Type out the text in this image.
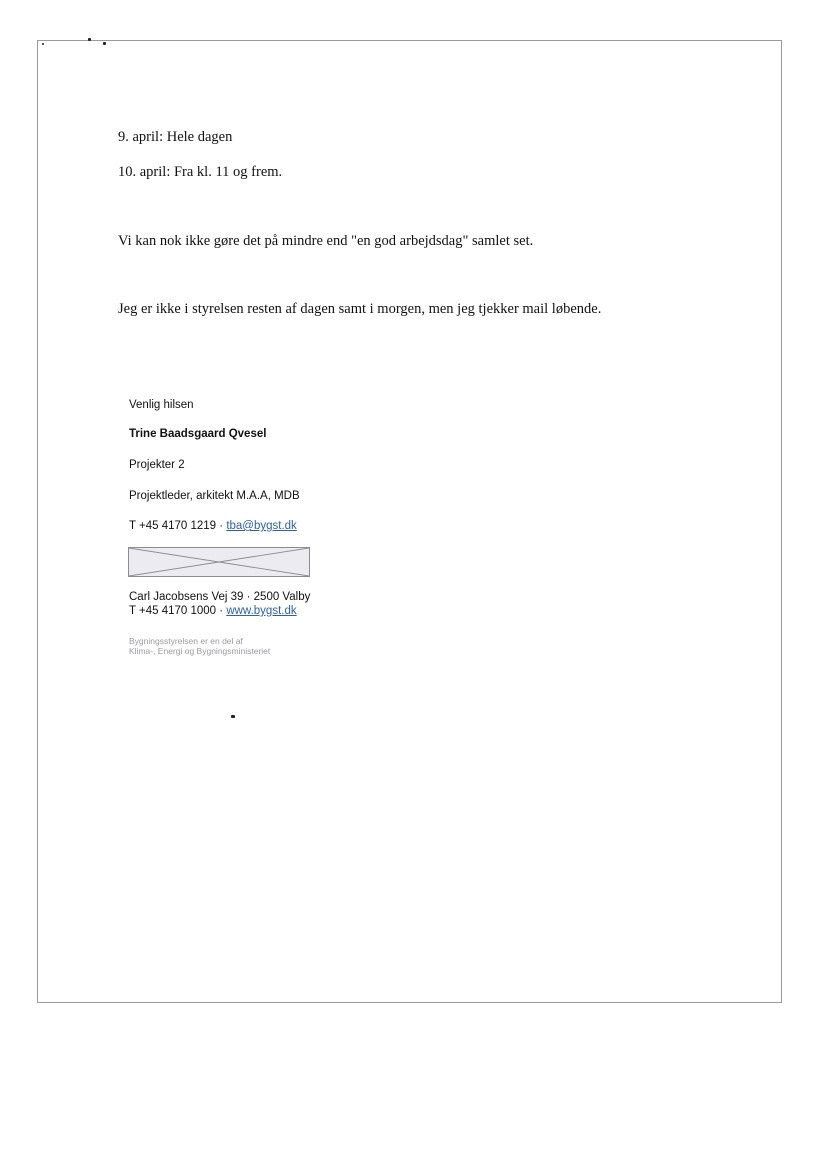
9. april: Hele dagen
10. april: Fra kl. 11 og frem.
Vi kan nok ikke gøre det på mindre end "en god arbejdsdag" samlet set.
Jeg er ikke i styrelsen resten af dagen samt i morgen, men jeg tjekker mail løbende.
Venlig hilsen
Trine Baadsgaard Qvesel
Projekter 2
Projektleder, arkitekt M.A.A, MDB
T +45 4170 1219 · tba@bygst.dk
Carl Jacobsens Vej 39 · 2500 Valby
T +45 4170 1000 · www.bygst.dk
Bygningsstyrelsen er en del af
Klima-, Energi og Bygningsministeriet
